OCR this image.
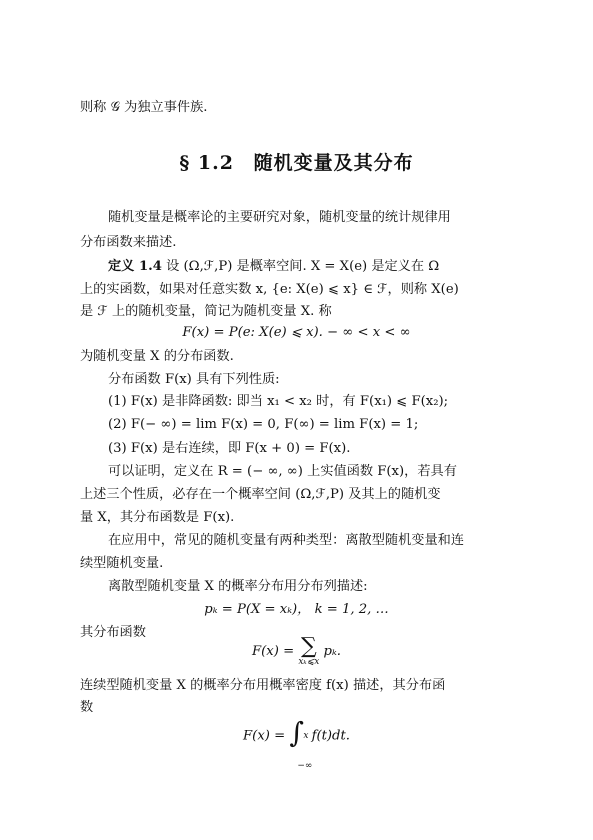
则称 𝒢 为独立事件族.
§ 1.2 随机变量及其分布
随机变量是概率论的主要研究对象，随机变量的统计规律用
分布函数来描述.
定义 1.4 设 (Ω,ℱ,P) 是概率空间. X = X(e) 是定义在 Ω
上的实函数，如果对任意实数 x, {e: X(e) ⩽ x} ∈ ℱ，则称 X(e)
是 ℱ 上的随机变量，简记为随机变量 X. 称
F(x) = P(e: X(e) ⩽ x). − ∞ < x < ∞
为随机变量 X 的分布函数.
分布函数 F(x) 具有下列性质:
(1) F(x) 是非降函数: 即当 x₁ < x₂ 时，有 F(x₁) ⩽ F(x₂);
(2) F(− ∞) = lim F(x) = 0, F(∞) = lim F(x) = 1;
(3) F(x) 是右连续，即 F(x + 0) = F(x).
可以证明，定义在 R = (− ∞, ∞) 上实值函数 F(x)，若具有
上述三个性质，必存在一个概率空间 (Ω,ℱ,P) 及其上的随机变
量 X，其分布函数是 F(x).
在应用中，常见的随机变量有两种类型：离散型随机变量和连
续型随机变量.
离散型随机变量 X 的概率分布用分布列描述:
pₖ = P(X = xₖ)， k = 1, 2, …
其分布函数
F(x) = ∑
xₖ⩽x
pₖ.
连续型随机变量 X 的概率分布用概率密度 f(x) 描述，其分布函
数
F(x) = ∫ x
−∞
f(t)dt.
